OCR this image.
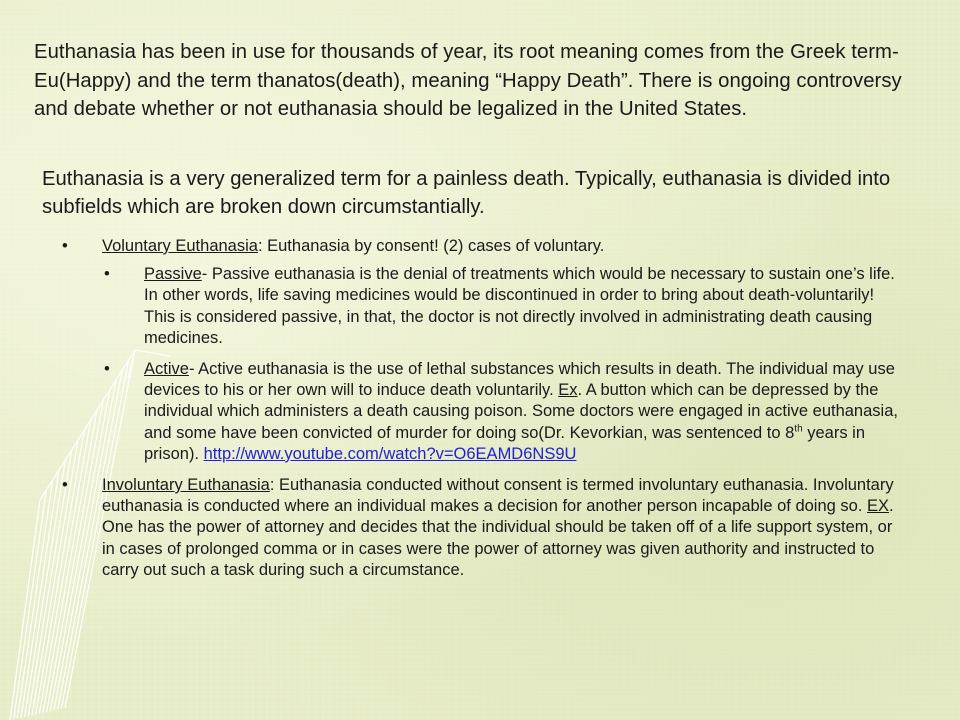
Euthanasia has been in use for thousands of year, its root meaning comes from the Greek term- Eu(Happy) and the term thanatos(death), meaning “Happy Death”. There is ongoing controversy and debate whether or not euthanasia should be legalized in the United States.

Euthanasia is a very generalized term for a painless death. Typically, euthanasia is divided into subfields which are broken down circumstantially.

• Voluntary Euthanasia: Euthanasia by consent! (2) cases of voluntary.
• Passive- Passive euthanasia is the denial of treatments which would be necessary to sustain one’s life. In other words, life saving medicines would be discontinued in order to bring about death-voluntarily! This is considered passive, in that, the doctor is not directly involved in administrating death causing medicines.
• Active- Active euthanasia is the use of lethal substances which results in death. The individual may use devices to his or her own will to induce death voluntarily. Ex. A button which can be depressed by the individual which administers a death causing poison. Some doctors were engaged in active euthanasia, and some have been convicted of murder for doing so(Dr. Kevorkian, was sentenced to 8th years in prison). http://www.youtube.com/watch?v=O6EAMD6NS9U
• Involuntary Euthanasia: Euthanasia conducted without consent is termed involuntary euthanasia. Involuntary euthanasia is conducted where an individual makes a decision for another person incapable of doing so. EX. One has the power of attorney and decides that the individual should be taken off of a life support system, or in cases of prolonged comma or in cases were the power of attorney was given authority and instructed to carry out such a task during such a circumstance.
